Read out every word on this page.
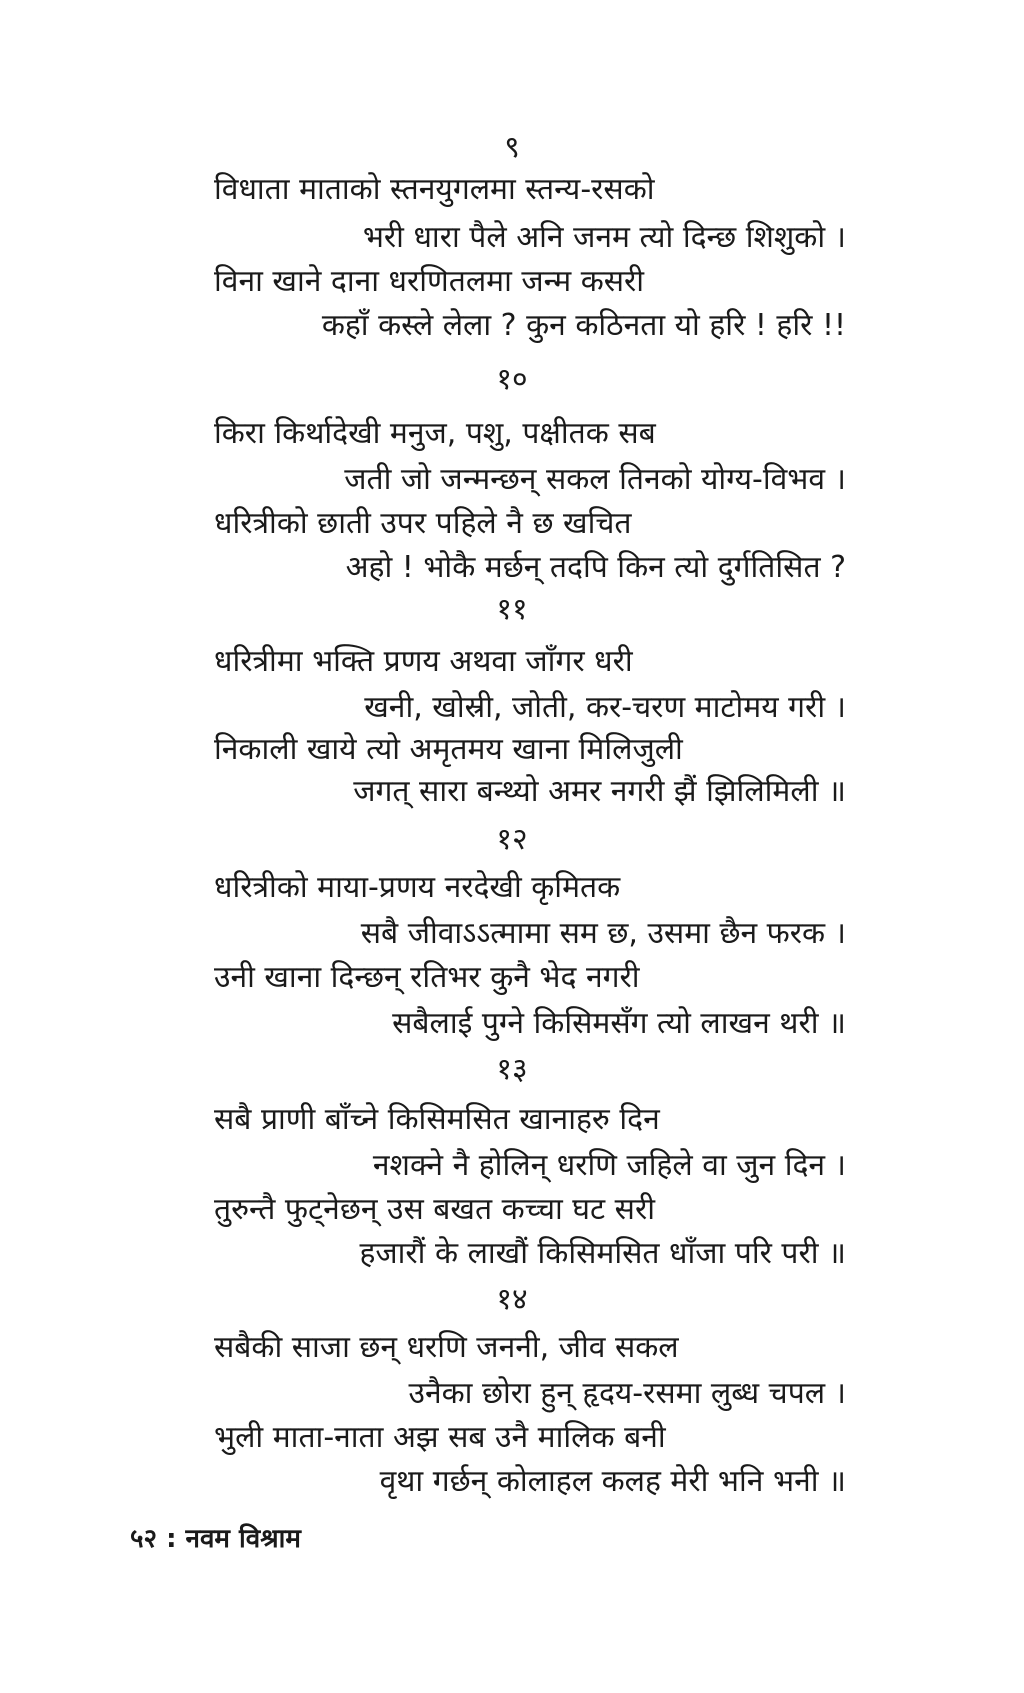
९
विधाता माताको स्तनयुगलमा स्तन्य-रसको
भरी धारा पैले अनि जनम त्यो दिन्छ शिशुको ।
विना खाने दाना धरणितलमा जन्म कसरी
कहाँ कस्ले लेला ? कुन कठिनता यो हरि ! हरि !!
१०
किरा किर्थादेखी मनुज, पशु, पक्षीतक सब
जती जो जन्मन्छन् सकल तिनको योग्य-विभव ।
धरित्रीको छाती उपर पहिले नै छ खचित
अहो ! भोकै मर्छन् तदपि किन त्यो दुर्गतिसित ?
११
धरित्रीमा भक्ति प्रणय अथवा जाँगर धरी
खनी, खोस्री, जोती, कर-चरण माटोमय गरी ।
निकाली खाये त्यो अमृतमय खाना मिलिजुली
जगत् सारा बन्थ्यो अमर नगरी झैं झिलिमिली ॥
१२
धरित्रीको माया-प्रणय नरदेखी कृमितक
सबै जीवाऽऽत्मामा सम छ, उसमा छैन फरक ।
उनी खाना दिन्छन् रतिभर कुनै भेद नगरी
सबैलाई पुग्ने किसिमसँग त्यो लाखन थरी ॥
१३
सबै प्राणी बाँच्ने किसिमसित खानाहरु दिन
नशक्ने नै होलिन् धरणि जहिले वा जुन दिन ।
तुरुन्तै फुट्नेछन् उस बखत कच्चा घट सरी
हजारौं के लाखौं किसिमसित धाँजा परि परी ॥
१४
सबैकी साजा छन् धरणि जननी, जीव सकल
उनैका छोरा हुन् हृदय-रसमा लुब्ध चपल ।
भुली माता-नाता अझ सब उनै मालिक बनी
वृथा गर्छन् कोलाहल कलह मेरी भनि भनी ॥
५२ : नवम विश्राम
